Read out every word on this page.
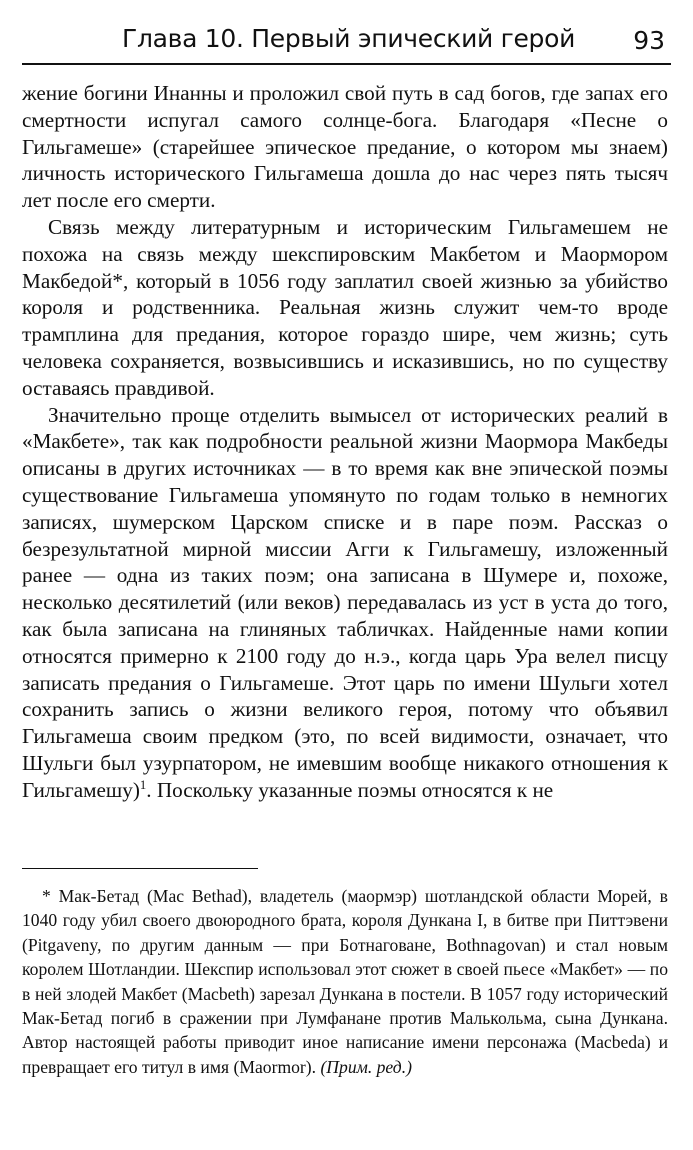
Глава 10. Первый эпический герой 93

жение богини Инанны и проложил свой путь в сад богов, где запах его смертности испугал самого солнце-бога. Благодаря «Песне о Гильгамеше» (старейшее эпическое предание, о котором мы знаем) личность исторического Гильгамеша дошла до нас через пять тысяч лет после его смерти.

Связь между литературным и историческим Гильгамешем не похожа на связь между шекспировским Макбетом и Маормором Макбедой*, который в 1056 году заплатил своей жизнью за убийство короля и родственника. Реальная жизнь служит чем-то вроде трамплина для предания, которое гораздо шире, чем жизнь; суть человека сохраняется, возвысившись и исказившись, но по существу оставаясь правдивой.

Значительно проще отделить вымысел от исторических реалий в «Макбете», так как подробности реальной жизни Маормора Макбеды описаны в других источниках — в то время как вне эпической поэмы существование Гильгамеша упомянуто по годам только в немногих записях, шумерском Царском списке и в паре поэм. Рассказ о безрезультатной мирной миссии Агги к Гильгамешу, изложенный ранее — одна из таких поэм; она записана в Шумере и, похоже, несколько десятилетий (или веков) передавалась из уст в уста до того, как была записана на глиняных табличках. Найденные нами копии относятся примерно к 2100 году до н.э., когда царь Ура велел писцу записать предания о Гильгамеше. Этот царь по имени Шульги хотел сохранить запись о жизни великого героя, потому что объявил Гильгамеша своим предком (это, по всей видимости, означает, что Шульги был узурпатором, не имевшим вообще никакого отношения к Гильгамешу)$^1$. Поскольку указанные поэмы относятся к не

* Мак-Бетад (Mac Bethad), владетель (маормэр) шотландской области Морей, в 1040 году убил своего двоюродного брата, короля Дункана I, в битве при Питтэвени (Pitgaveny, по другим данным — при Ботнаговане, Bothnagovan) и стал новым королем Шотландии. Шекспир использовал этот сюжет в своей пьесе «Макбет» — по в ней злодей Макбет (Macbeth) зарезал Дункана в постели. В 1057 году исторический Мак-Бетад погиб в сражении при Лумфанане против Малькольма, сына Дункана. Автор настоящей работы приводит иное написание имени персонажа (Macbeda) и превращает его титул в имя (Maormor). (Прим. ред.)
